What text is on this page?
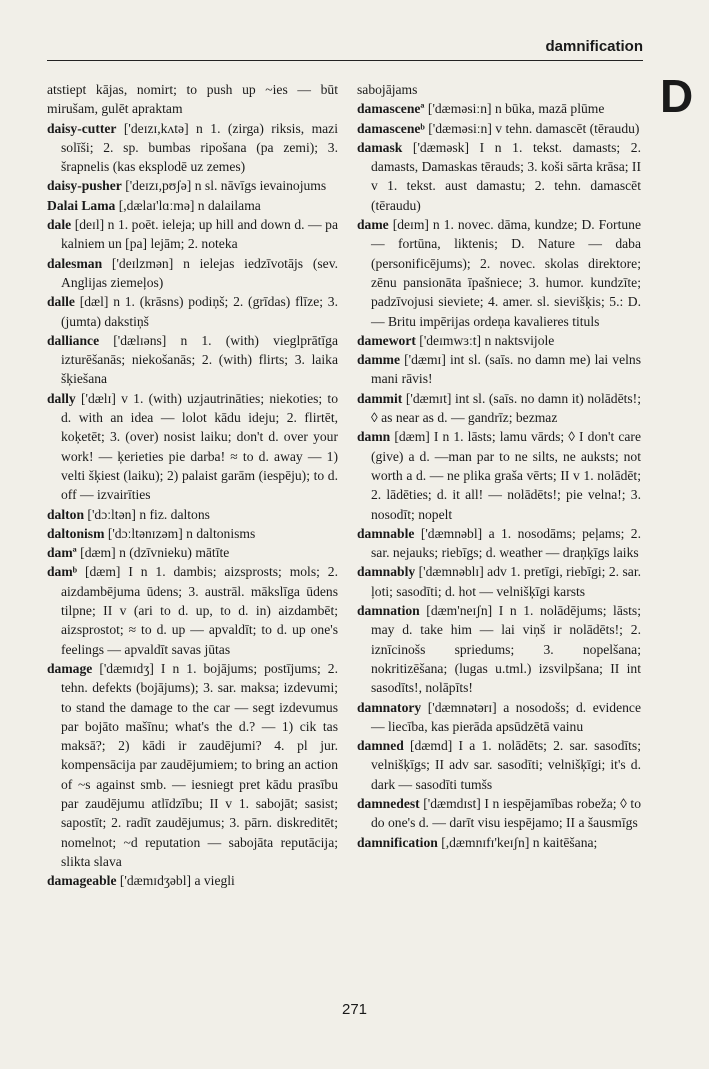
damnification
D

atstiept kājas, nomirt; to push up ~ies — būt mirušam, gulēt apraktam

daisy-cutter ['deɪzɪ,kʌtə] n 1. (zirga) riksis, mazi solīši; 2. sp. bumbas ripošana (pa zemi); 3. šrapnelis (kas eksplodē uz zemes)

daisy-pusher ['deɪzɪ,pʊʃə] n sl. nāvīgs ievainojums

Dalai Lama [,dælaɪ'lɑːmə] n dalailama

dale [deɪl] n 1. poēt. ieleja; up hill and down d. — pa kalniem un [pa] lejām; 2. noteka

dalesman ['deɪlzmən] n ielejas iedzīvotājs (sev. Anglijas ziemeļos)

dalle [dæl] n 1. (krāsns) podiņš; 2. (grīdas) flīze; 3. (jumta) dakstiņš

dalliance ['dælɪəns] n 1. (with) vieglprātīga izturēšanās; niekošanās; 2. (with) flirts; 3. laika šķiešana

dally ['dælɪ] v 1. (with) uzjautrināties; niekoties; to d. with an idea — lolot kādu ideju; 2. flirtēt, koķetēt; 3. (over) nosist laiku; don't d. over your work! — ķerieties pie darba! ≈ to d. away — 1) velti šķiest (laiku); 2) palaist garām (iespēju); to d. off — izvairīties

dalton ['dɔːltən] n fiz. daltons

daltonism ['dɔːltənɪzəm] n daltonisms

damª [dæm] n (dzīvnieku) mātīte

damᵇ [dæm] I n 1. dambis; aizsprosts; mols; 2. aizdambējuma ūdens; 3. austrāl. mākslīga ūdens tilpne; II v (ari to d. up, to d. in) aizdambēt; aizsprostot; ≈ to d. up — apvaldīt; to d. up one's feelings — apvaldīt savas jūtas

damage ['dæmɪdʒ] I n 1. bojājums; postījums; 2. tehn. defekts (bojājums); 3. sar. maksa; izdevumi; to stand the damage to the car — segt izdevumus par bojāto mašīnu; what's the d.? — 1) cik tas maksā?; 2) kādi ir zaudējumi? 4. pl jur. kompensācija par zaudējumiem; to bring an action of ~s against smb. — iesniegt pret kādu prasību par zaudējumu atlīdzību; II v 1. sabojāt; sasist; sapostīt; 2. radīt zaudējumus; 3. pārn. diskreditēt; nomelnot; ~d reputation — sabojāta reputācija; slikta slava

damageable ['dæmɪdʒəbl] a viegli

sabojājams

damasceneª ['dæməsiːn] n būka, mazā plūme

damasceneᵇ ['dæməsiːn] v tehn. damascēt (tēraudu)

damask ['dæməsk] I n 1. tekst. damasts; 2. damasts, Damaskas tērauds; 3. koši sārta krāsa; II v 1. tekst. aust damastu; 2. tehn. damascēt (tēraudu)

dame [deɪm] n 1. novec. dāma, kundze; D. Fortune — fortūna, liktenis; D. Nature — daba (personificējums); 2. novec. skolas direktore; zēnu pansionāta īpašniece; 3. humor. kundzīte; padzīvojusi sieviete; 4. amer. sl. sievišķis; 5.: D. — Britu impērijas ordeņa kavalieres tituls

damewort ['deɪmwɜːt] n naktsvijole

damme ['dæmɪ] int sl. (saīs. no damn me) lai velns mani rāvis!

dammit ['dæmɪt] int sl. (saīs. no damn it) nolādēts!; ◊ as near as d. — gandrīz; bezmaz

damn [dæm] I n 1. lāsts; lamu vārds; ◊ I don't care (give) a d. —man par to ne silts, ne auksts; not worth a d. — ne plika graša vērts; II v 1. nolādēt; 2. lādēties; d. it all! — nolādēts!; pie velna!; 3. nosodīt; nopelt

damnable ['dæmnəbl] a 1. nosodāms; peļams; 2. sar. nejauks; riebīgs; d. weather — draņķīgs laiks

damnably ['dæmnəblɪ] adv 1. pretīgi, riebīgi; 2. sar. ļoti; sasodīti; d. hot — velnišķīgi karsts

damnation [dæm'neɪʃn] I n 1. nolādējums; lāsts; may d. take him — lai viņš ir nolādēts!; 2. iznīcinošs spriedums; 3. nopelšana; nokritizēšana; (lugas u.tml.) izsvilpšana; II int sasodīts!, nolāpīts!

damnatory ['dæmnətərɪ] a nosodošs; d. evidence — liecība, kas pierāda apsūdzētā vainu

damned [dæmd] I a 1. nolādēts; 2. sar. sasodīts; velnišķīgs; II adv sar. sasodīti; velnišķīgi; it's d. dark — sasodīti tumšs

damnedest ['dæmdɪst] I n iespējamības robeža; ◊ to do one's d. — darīt visu iespējamo; II a šausmīgs

damnification [,dæmnɪfɪ'keɪʃn] n kaitēšana;

271
